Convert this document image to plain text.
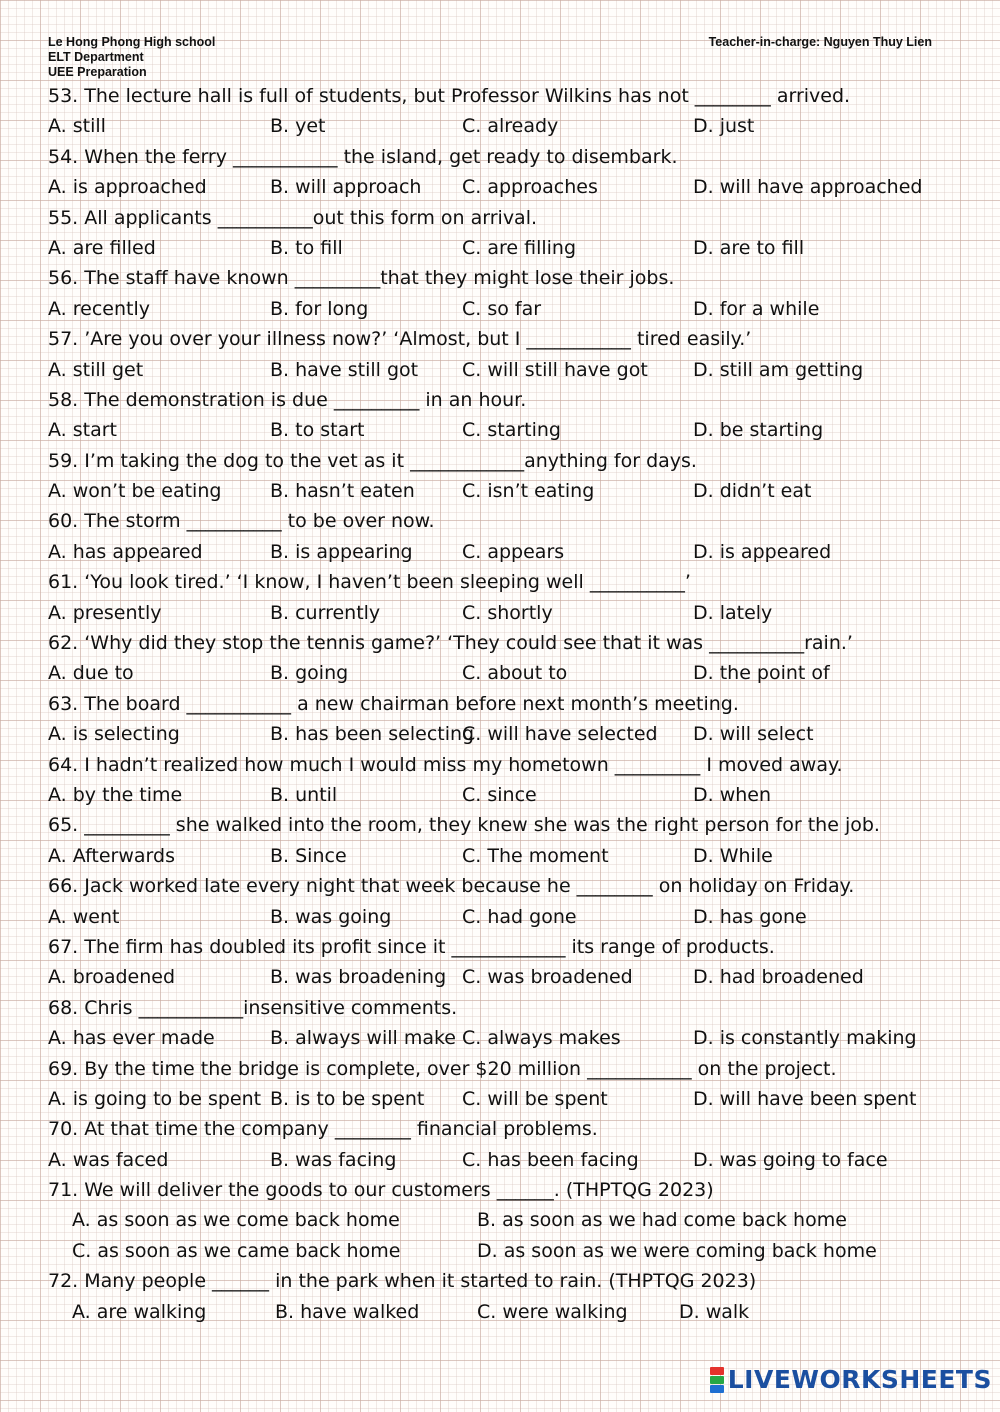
Le Hong Phong High school
ELT Department
UEE Preparation
Teacher-in-charge: Nguyen Thuy Lien
53. The lecture hall is full of students, but Professor Wilkins has not ________ arrived.
A. still	B. yet	C. already	D. just
54. When the ferry ___________ the island, get ready to disembark.
A. is approached	B. will approach C. approaches	D. will have approached
55. All applicants __________out this form on arrival.
A. are filled	B. to fill	C. are filling	D. are to fill
56. The staff have known _________that they might lose their jobs.
A. recently	B. for long	C. so far	D. for a while
57. ’Are you over your illness now?’ ‘Almost, but I ___________ tired easily.’
A. still get	B. have still got C. will still have got D. still am getting
58. The demonstration is due _________ in an hour.
A. start	B. to start	C. starting	D. be starting
59. I’m taking the dog to the vet as it ____________anything for days.
A. won’t be eating	B. hasn’t eaten C. isn’t eating	D. didn’t eat
60. The storm __________ to be over now.
A. has appeared	B. is appearing	C. appears	D. is appeared
61. ‘You look tired.’ ‘I know, I haven’t been sleeping well __________’
A. presently	B. currently	C. shortly	D. lately
62. ‘Why did they stop the tennis game?’ ‘They could see that it was __________rain.’
A. due to	B. going	C. about to	D. the point of
63. The board ___________ a new chairman before next month’s meeting.
A. is selecting	B. has been selecting
C. will have selected D. will select
64. I hadn’t realized how much I would miss my hometown _________ I moved away.
A. by the time	B. until	C. since	D. when
65. _________ she walked into the room, they knew she was the right person for the job.
A. Afterwards	B. Since	C. The moment	D. While
66. Jack worked late every night that week because he ________ on holiday on Friday.
A. went	B. was going	C. had gone	D. has gone
67. The firm has doubled its profit since it ____________ its range of products.
A. broadened	B. was broadening C. was broadened	D. had broadened
68. Chris ___________insensitive comments.
A. has ever made	B. always will make C. always makes	D. is constantly making
69. By the time the bridge is complete, over $20 million ___________ on the project.
A. is going to be spent B. is to be spent C. will be spent	D. will have been spent
70. At that time the company ________ financial problems.
A. was faced	B. was facing	C. has been facing	D. was going to face
71. We will deliver the goods to our customers ______. (THPTQG 2023)
A. as soon as we come back home	B. as soon as we had come back home
C. as soon as we came back home	D. as soon as we were coming back home
72. Many people ______ in the park when it started to rain. (THPTQG 2023)
A. are walking	B. have walked	C. were walking	D. walk
LIVEWORKSHEETS
